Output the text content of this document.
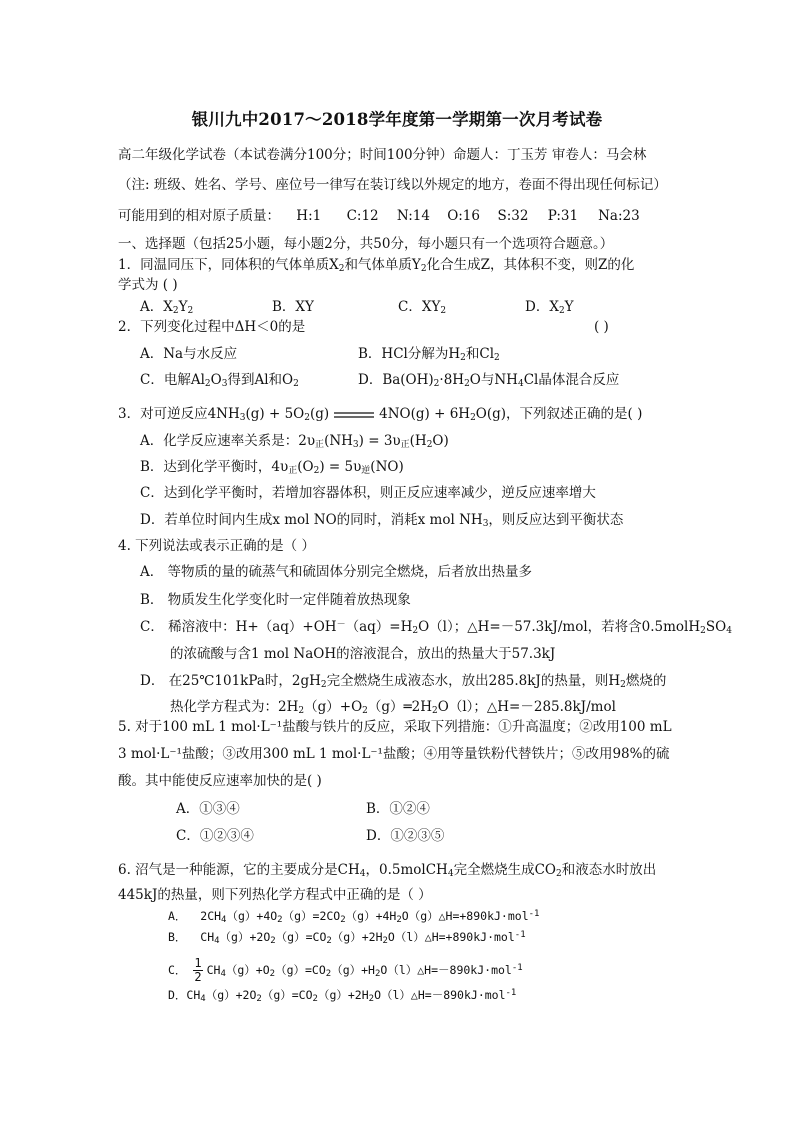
银川九中2017～2018学年度第一学期第一次月考试卷
高二年级化学试卷（本试卷满分100分；时间100分钟）命题人：丁玉芳 审卷人：马会林
（注: 班级、姓名、学号、座位号一律写在装订线以外规定的地方，卷面不得出现任何标记）
可能用到的相对原子质量： H:1 C:12 N:14 O:16 S:32 P:31 Na:23
一、选择题（包括25小题，每小题2分，共50分，每小题只有一个选项符合题意。）
1．同温同压下，同体积的气体单质$X_2$和气体单质$Y_2$化合生成Z，其体积不变，则Z的化
学式为 ( )
A．$X_2Y_2$	B．XY	C．$XY_2$	D．$X_2Y$
2．下列变化过程中ΔH＜0的是	( )
A．Na与水反应	B．HCl分解为$H_2$和$Cl_2$
C．电解$Al_2O_3$得到Al和$O_2$	D．$Ba(OH)_2\cdot 8H_2O$与$NH_4Cl$晶体混合反应
3．对可逆反应$4NH_3(g) + 5O_2(g)$	$4NO(g) + 6H_2O(g)$，下列叙述正确的是( )
A．化学反应速率关系是：$2\upsilon_正(NH_3) = 3\upsilon_正(H_2O)$
B．达到化学平衡时，$4\upsilon_正(O_2) = 5\upsilon_逆(NO)$
C．达到化学平衡时，若增加容器体积，则正反应速率减少，逆反应速率增大
D．若单位时间内生成x mol NO的同时，消耗x mol $NH_3$，则反应达到平衡状态
4. 下列说法或表示正确的是（ ）
A． 等物质的量的硫蒸气和硫固体分别完全燃烧，后者放出热量多
B． 物质发生化学变化时一定伴随着放热现象
C． 稀溶液中：$H+(aq)+OH^-(aq)=H_2O(l)$；△H=－57.3kJ/mol，若将含$0.5molH_2SO_4$
的浓硫酸与含1 mol NaOH的溶液混合，放出的热量大于57.3kJ
D． 在25℃101kPa时，$2gH_2$完全燃烧生成液态水，放出285.8kJ的热量，则$H_2$燃烧的
热化学方程式为：$2H_2(g)+O_2(g)═2H_2O(l)$；△H=－285.8kJ/mol
5. 对于100 mL 1 mol·L⁻¹盐酸与铁片的反应，采取下列措施：①升高温度；②改用100 mL
3 mol·L⁻¹盐酸；③改用300 mL 1 mol·L⁻¹盐酸；④用等量铁粉代替铁片；⑤改用98%的硫
酸。其中能使反应速率加快的是( )
A．①③④	B．①②④
C．①②③④	D．①②③⑤
6. 沼气是一种能源，它的主要成分是$CH_4$，0.5molCH$_4$完全燃烧生成$CO_2$和液态水时放出
445kJ的热量，则下列热化学方程式中正确的是（ ）
A．  $2CH_4(g)+4O_2(g)=2CO_2(g)+4H_2O(g)\triangle H=+890kJ\cdot mol^{-1}$
B．  $CH_4(g)+2O_2(g)=CO_2(g)+2H_2O(l)\triangle H=+890kJ\cdot mol^{-1}$
C． $\frac{1}{2}$ $CH_4(g)+O_2(g)=CO_2(g)+H_2O(l)\triangle H=-890kJ\cdot mol^{-1}$
D．$CH_4(g)+2O_2(g)=CO_2(g)+2H_2O(l)\triangle H=-890kJ\cdot mol^{-1}$
